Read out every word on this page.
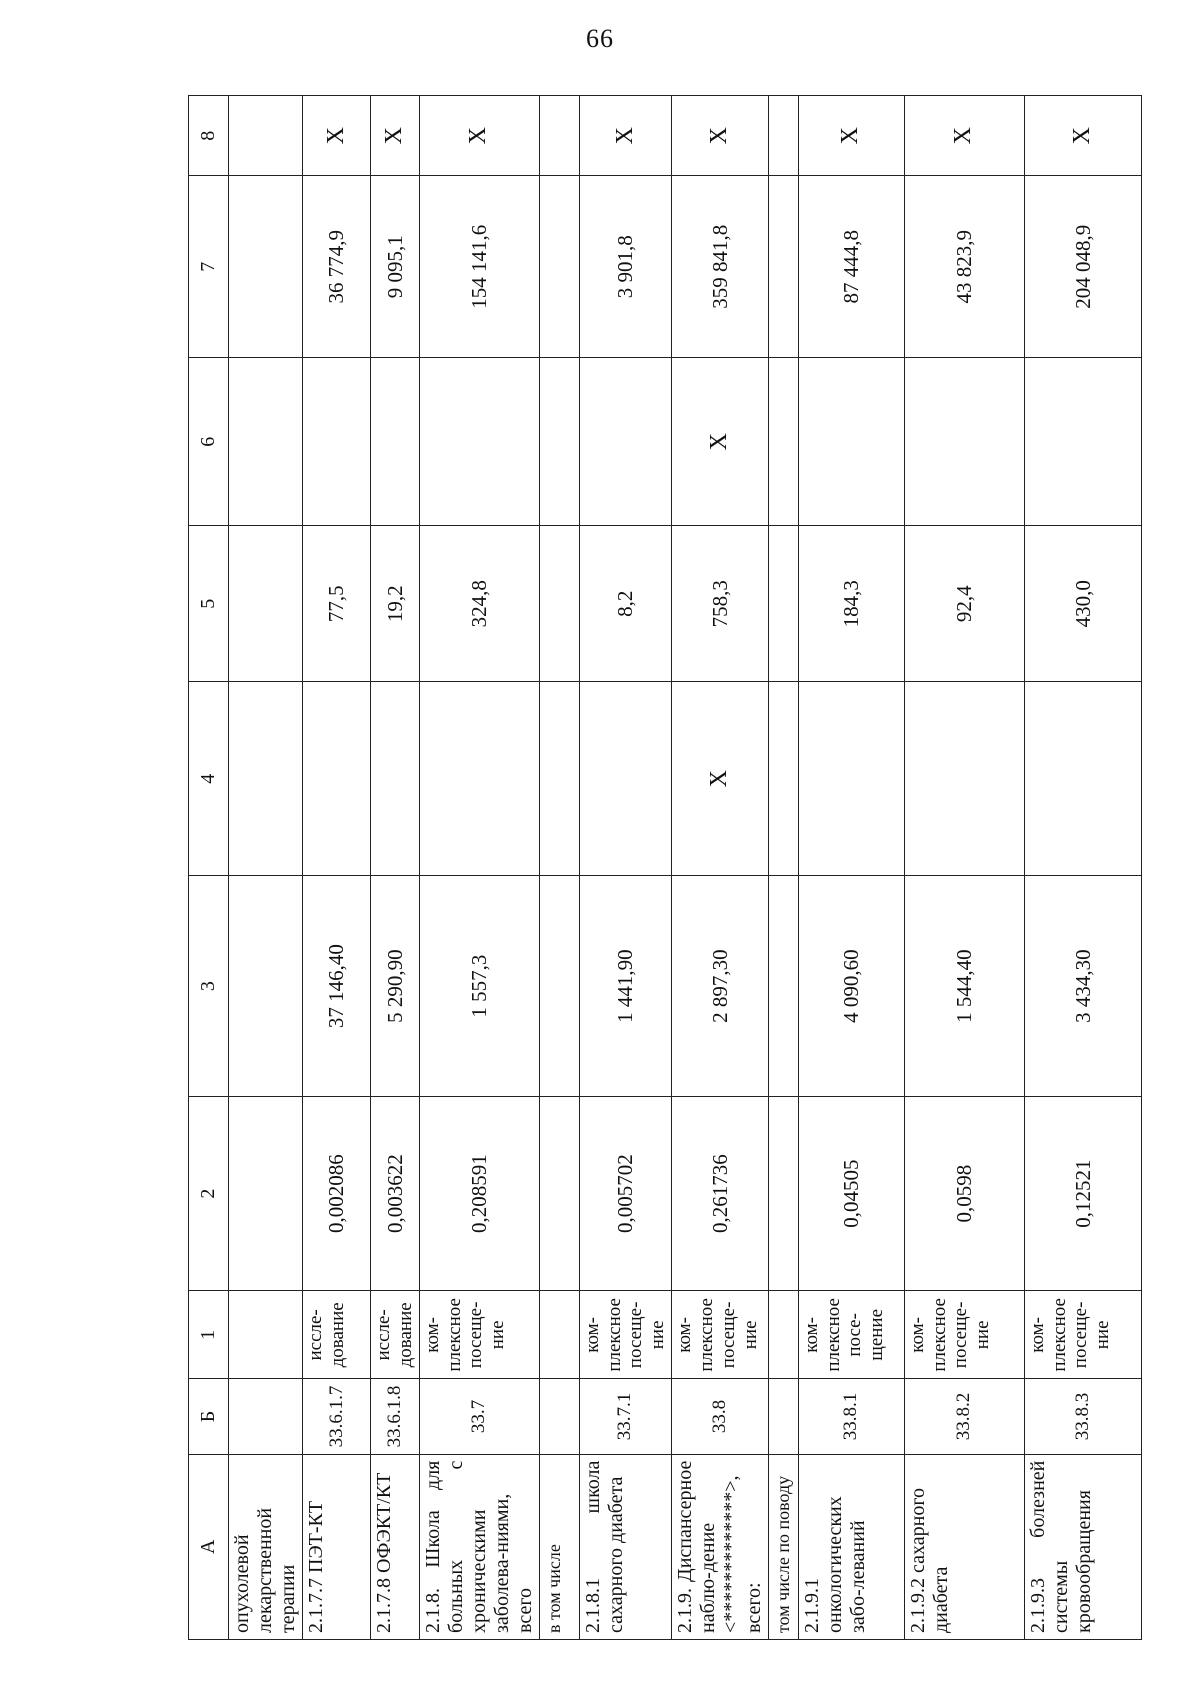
66
А	Б	1	2	3	4	5	6	7	8
опухолевой лекарственной терапии									
2.1.7.7 ПЭТ-КТ	33.6.1.7	иссле-дование	0,002086	37 146,40		77,5		36 774,9	X
2.1.7.8 ОФЭКТ/КТ	33.6.1.8	иссле-дование	0,003622	5 290,90		19,2		9 095,1	X
2.1.8. Школа для больных с хроническими заболева-ниями, всего	33.7	ком-плексное посеще-ние	0,208591	1 557,3		324,8		154 141,6	X
в том числе									
2.1.8.1 школа сахарного диабета	33.7.1	ком-плексное посеще-ние	0,005702	1 441,90		8,2		3 901,8	X
2.1.9. Диспансерное наблю-дение <*************>, всего:	33.8	ком-плексное посеще-ние	0,261736	2 897,30	X	758,3	X	359 841,8	X
том числе по поводу									
2.1.9.1 онкологических забо-леваний	33.8.1	ком-плексное посе-щение	0,04505	4 090,60		184,3		87 444,8	X
2.1.9.2 сахарного диабета	33.8.2	ком-плексное посеще-ние	0,0598	1 544,40		92,4		43 823,9	X
2.1.9.3 болезней системы кровообращения	33.8.3	ком-плексное посеще-ние	0,12521	3 434,30		430,0		204 048,9	X
